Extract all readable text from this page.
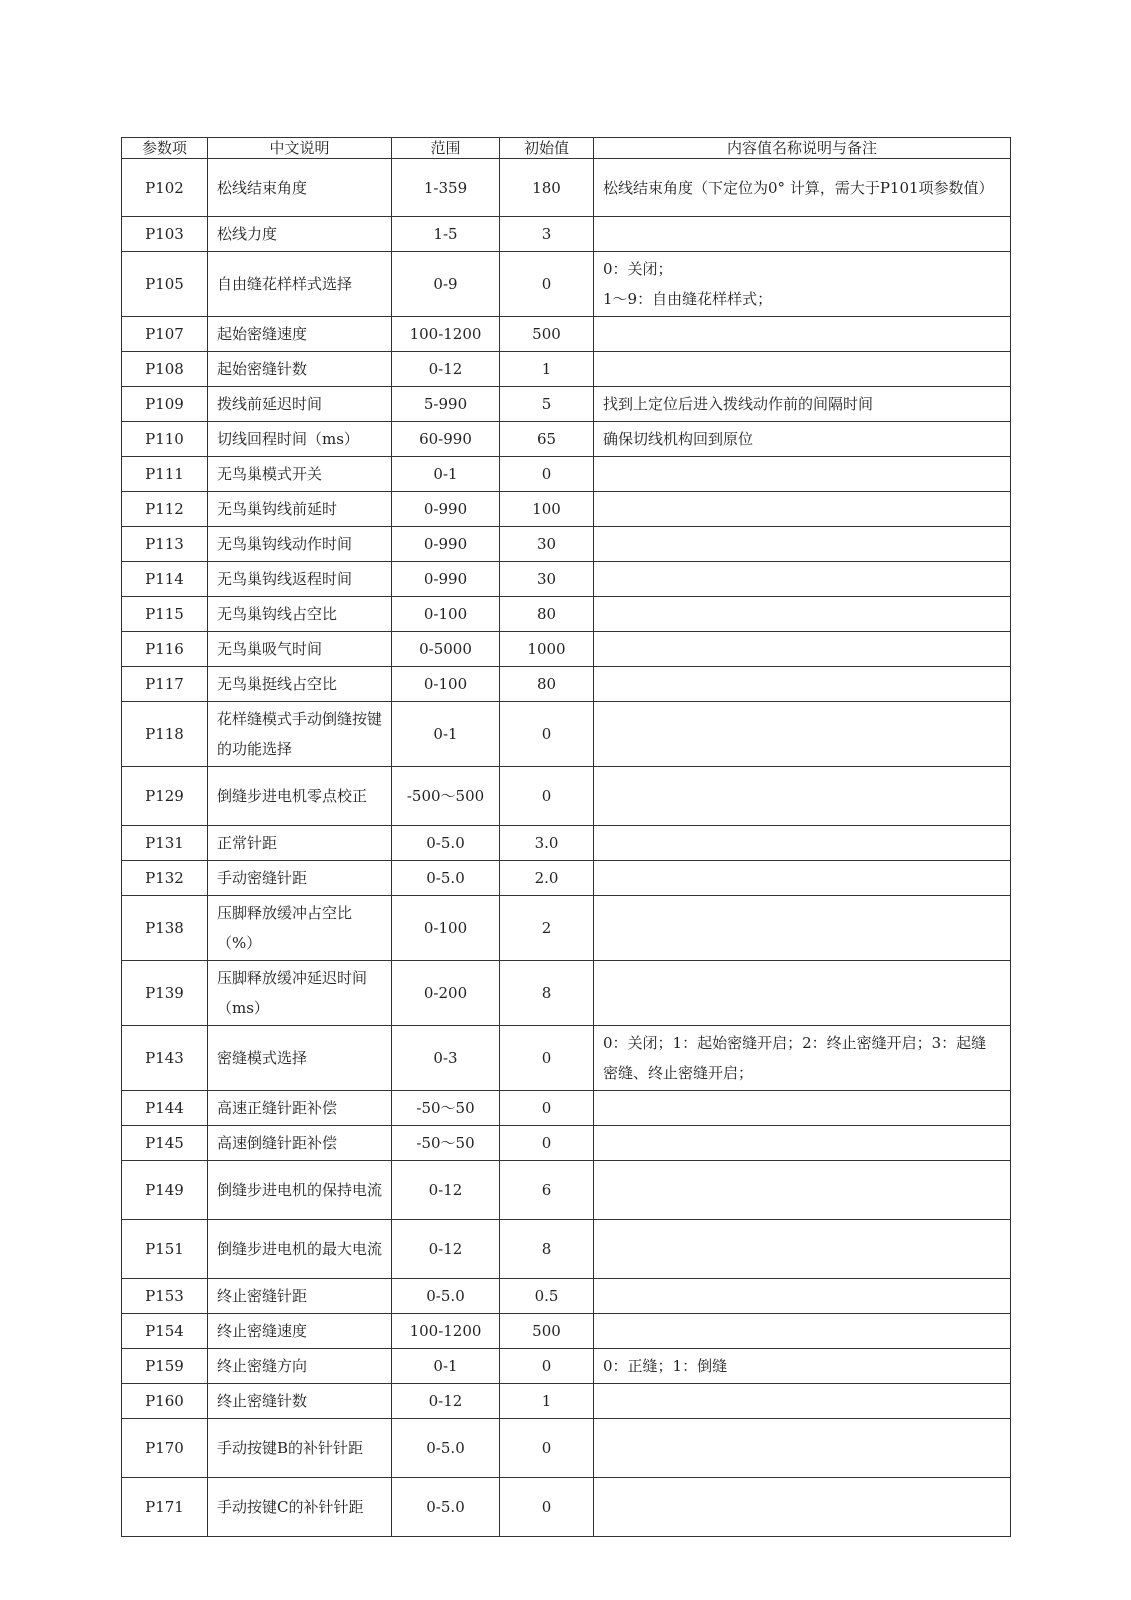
参数项	中文说明	范围	初始值	内容值名称说明与备注
P102	松线结束角度	1-359	180	松线结束角度（下定位为0° 计算，需大于P101项参数值）
P103	松线力度	1-5	3	
P105	自由缝花样样式选择	0-9	0	0：关闭；
1～9：自由缝花样样式；
P107	起始密缝速度	100-1200	500	
P108	起始密缝针数	0-12	1	
P109	拨线前延迟时间	5-990	5	找到上定位后进入拨线动作前的间隔时间
P110	切线回程时间（ms）	60-990	65	确保切线机构回到原位
P111	无鸟巢模式开关	0-1	0	
P112	无鸟巢钩线前延时	0-990	100	
P113	无鸟巢钩线动作时间	0-990	30	
P114	无鸟巢钩线返程时间	0-990	30	
P115	无鸟巢钩线占空比	0-100	80	
P116	无鸟巢吸气时间	0-5000	1000	
P117	无鸟巢挺线占空比	0-100	80	
P118	花样缝模式手动倒缝按键的功能选择	0-1	0	
P129	倒缝步进电机零点校正	-500～500	0	
P131	正常针距	0-5.0	3.0	
P132	手动密缝针距	0-5.0	2.0	
P138	压脚释放缓冲占空比（%）	0-100	2	
P139	压脚释放缓冲延迟时间（ms）	0-200	8	
P143	密缝模式选择	0-3	0	0：关闭；1：起始密缝开启；2：终止密缝开启；3：起缝密缝、终止密缝开启；
P144	高速正缝针距补偿	-50～50	0	
P145	高速倒缝针距补偿	-50～50	0	
P149	倒缝步进电机的保持电流	0-12	6	
P151	倒缝步进电机的最大电流	0-12	8	
P153	终止密缝针距	0-5.0	0.5	
P154	终止密缝速度	100-1200	500	
P159	终止密缝方向	0-1	0	0：正缝；1：倒缝
P160	终止密缝针数	0-12	1	
P170	手动按键B的补针针距	0-5.0	0	
P171	手动按键C的补针针距	0-5.0	0	
